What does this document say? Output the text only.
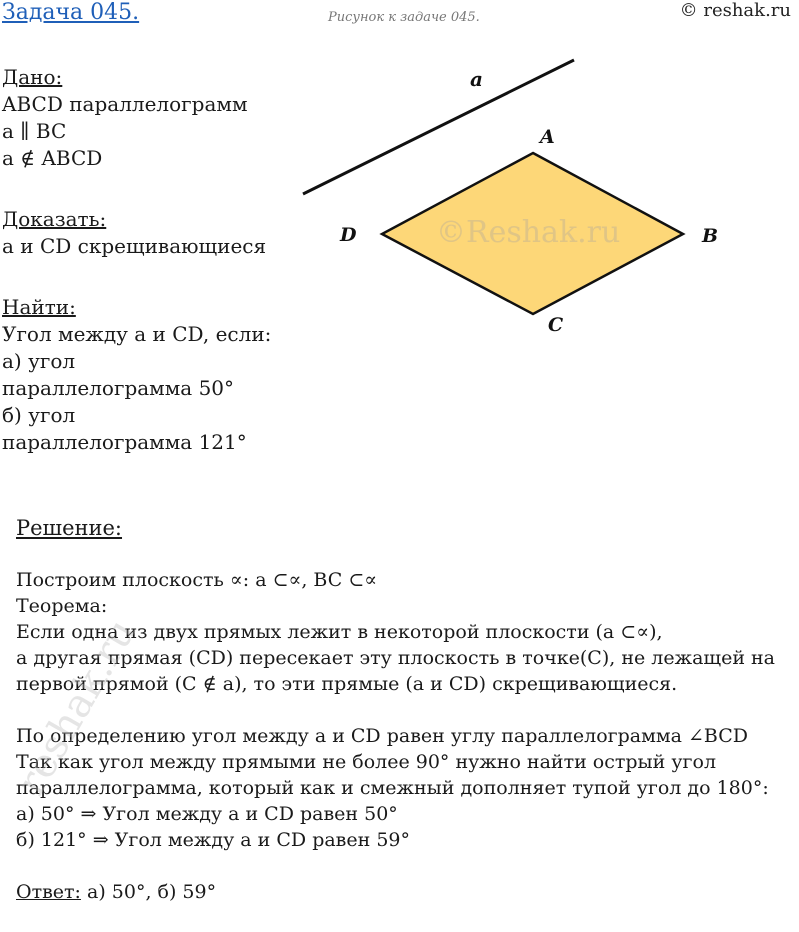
Задача 045.	Рисунок к задаче 045.	© reshak.ru
Дано:
ABCD параллелограмм
a ∥ BC
a ∉ ABCD
Доказать:
a и CD скрещивающиеся
Найти:
Угол между a и CD, если:
а) угол
параллелограмма 50°
б) угол
параллелограмма 121°
©Reshak.ru
a
A
B
C
D
Решение:
Построим плоскость ∝: a ⊂∝, BC ⊂∝
Теорема:
Если одна из двух прямых лежит в некоторой плоскости (a ⊂∝),
а другая прямая (CD) пересекает эту плоскость в точке(C), не лежащей на
первой прямой (C ∉ a), то эти прямые (a и CD) скрещивающиеся.
По определению угол между a и CD равен углу параллелограмма ∠BCD
Так как угол между прямыми не более 90° нужно найти острый угол
параллелограмма, который как и смежный дополняет тупой угол до 180°:
а) 50° ⇒ Угол между a и CD равен 50°
б) 121° ⇒ Угол между a и CD равен 59°
Ответ: а) 50°, б) 59°
reshak.ru
